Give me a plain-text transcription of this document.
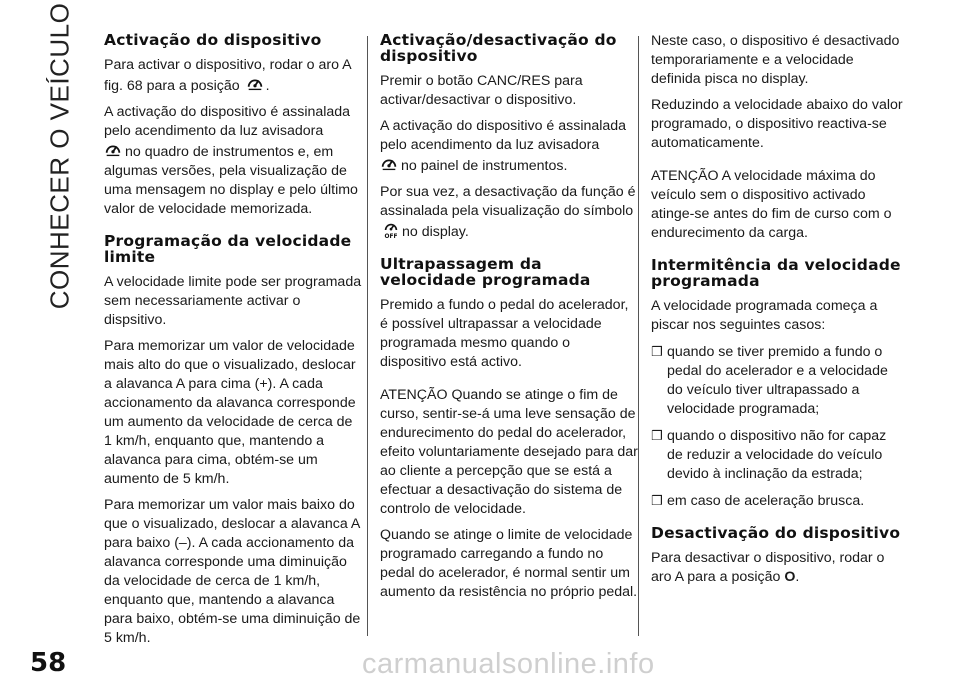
CONHECER O VEÍCULO
58
Activação do dispositivo

Para activar o dispositivo, rodar o aro A fig. 68 para a posição .

A activação do dispositivo é assinalada pelo acendimento da luz avisadora
no quadro de instrumentos e, em algumas versões, pela visualização de uma mensagem no display e pelo último valor de velocidade memorizada.

Programação da velocidade limite

A velocidade limite pode ser programada sem necessariamente activar o dispsitivo.

Para memorizar um valor de velocidade mais alto do que o visualizado, deslocar a alavanca A para cima (+). A cada accionamento da alavanca corresponde um aumento da velocidade de cerca de 1 km/h, enquanto que, mantendo a alavanca para cima, obtém-se um aumento de 5 km/h.

Para memorizar um valor mais baixo do que o visualizado, deslocar a alavanca A para baixo (–). A cada accionamento da alavanca corresponde uma diminuição da velocidade de cerca de 1 km/h, enquanto que, mantendo a alavanca para baixo, obtém-se uma diminuição de 5 km/h.

Activação/desactivação do dispositivo

Premir o botão CANC/RES para activar/desactivar o dispositivo.

A activação do dispositivo é assinalada pelo acendimento da luz avisadora
no painel de instrumentos.

Por sua vez, a desactivação da função é assinalada pela visualização do símbolo
OFF no display.

Ultrapassagem da velocidade programada

Premido a fundo o pedal do acelerador, é possível ultrapassar a velocidade programada mesmo quando o dispositivo está activo.

ATENÇÃO Quando se atinge o fim de curso, sentir-se-á uma leve sensação de endurecimento do pedal do acelerador, efeito voluntariamente desejado para dar ao cliente a percepção que se está a efectuar a desactivação do sistema de controlo de velocidade.

Quando se atinge o limite de velocidade programado carregando a fundo no pedal do acelerador, é normal sentir um aumento da resistência no próprio pedal.

Neste caso, o dispositivo é desactivado temporariamente e a velocidade definida pisca no display.

Reduzindo a velocidade abaixo do valor programado, o dispositivo reactiva-se automaticamente.

ATENÇÃO A velocidade máxima do veículo sem o dispositivo activado atinge-se antes do fim de curso com o endurecimento da carga.

Intermitência da velocidade programada

A velocidade programada começa a piscar nos seguintes casos:

❒ quando se tiver premido a fundo o pedal do acelerador e a velocidade do veículo tiver ultrapassado a velocidade programada;

❒ quando o dispositivo não for capaz de reduzir a velocidade do veículo devido à inclinação da estrada;

❒ em caso de aceleração brusca.

Desactivação do dispositivo

Para desactivar o dispositivo, rodar o aro A para a posição O.

carmanualsonline.info
